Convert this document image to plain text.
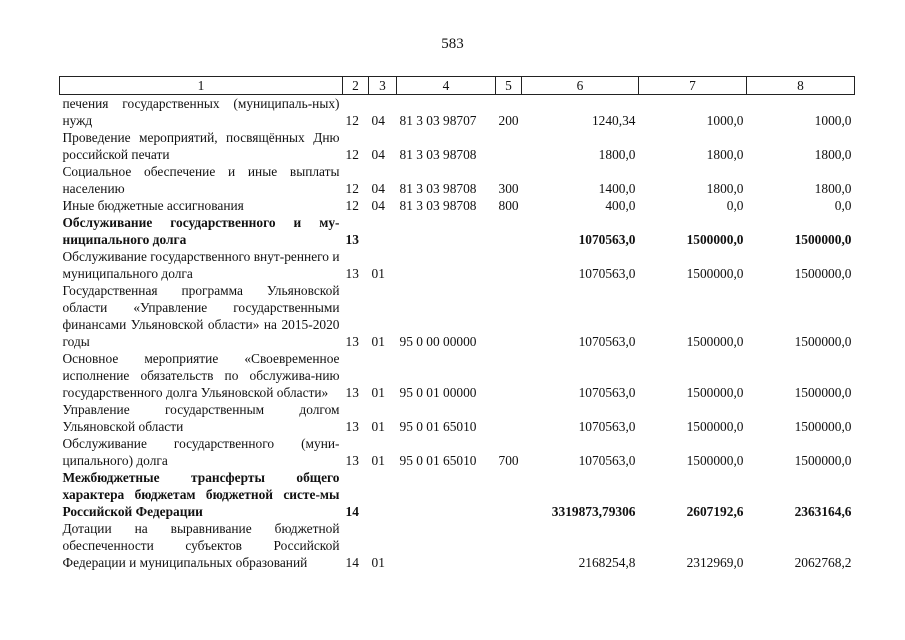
583
1	2	3	4	5	6	7	8
печения государственных (муниципаль-ных) нужд	12	04	81 3 03 98707	200	1240,34	1000,0	1000,0
Проведение мероприятий, посвящённых Дню российской печати	12	04	81 3 03 98708		1800,0	1800,0	1800,0
Социальное обеспечение и иные выплаты населению	12	04	81 3 03 98708	300	1400,0	1800,0	1800,0
Иные бюджетные ассигнования	12	04	81 3 03 98708	800	400,0	0,0	0,0
Обслуживание государственного и му-ниципального долга	13				1070563,0	1500000,0	1500000,0
Обслуживание государственного внут-реннего и муниципального долга	13	01			1070563,0	1500000,0	1500000,0
Государственная программа Ульяновской области «Управление государственными финансами Ульяновской области» на 2015-2020 годы	13	01	95 0 00 00000		1070563,0	1500000,0	1500000,0
Основное мероприятие «Своевременное исполнение обязательств по обслужива-нию государственного долга Ульяновской области»	13	01	95 0 01 00000		1070563,0	1500000,0	1500000,0
Управление государственным долгом Ульяновской области	13	01	95 0 01 65010		1070563,0	1500000,0	1500000,0
Обслуживание государственного (муни-ципального) долга	13	01	95 0 01 65010	700	1070563,0	1500000,0	1500000,0
Межбюджетные трансферты общего характера бюджетам бюджетной систе-мы Российской Федерации	14				3319873,79306	2607192,6	2363164,6
Дотации на выравнивание бюджетной обеспеченности субъектов Российской Федерации и муниципальных образований	14	01			2168254,8	2312969,0	2062768,2
